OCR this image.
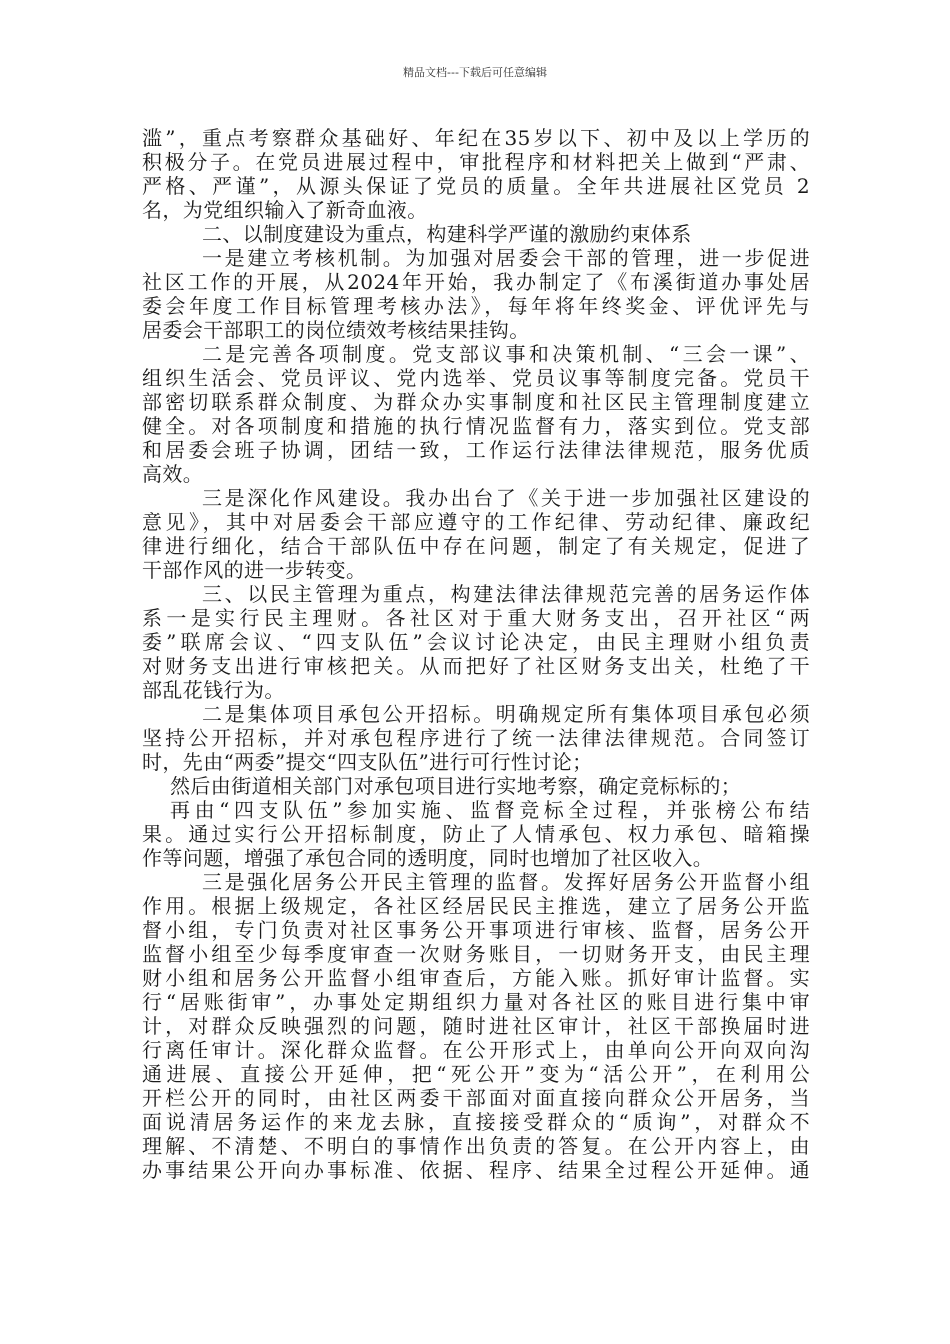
精品文档---下载后可任意编辑
滥”，重点考察群众基础好、年纪在35岁以下、初中及以上学历的
积极分子。在党员进展过程中，审批程序和材料把关上做到“严肃、
严格、严谨”，从源头保证了党员的质量。全年共进展社区党员 2
名，为党组织输入了新奇血液。
二、以制度建设为重点，构建科学严谨的激励约束体系
一是建立考核机制。为加强对居委会干部的管理，进一步促进
社区工作的开展，从2024年开始，我办制定了《布溪街道办事处居
委会年度工作目标管理考核办法》，每年将年终奖金、评优评先与
居委会干部职工的岗位绩效考核结果挂钩。
二是完善各项制度。党支部议事和决策机制、“三会一课”、
组织生活会、党员评议、党内选举、党员议事等制度完备。党员干
部密切联系群众制度、为群众办实事制度和社区民主管理制度建立
健全。对各项制度和措施的执行情况监督有力，落实到位。党支部
和居委会班子协调，团结一致，工作运行法律法律规范，服务优质
高效。
三是深化作风建设。我办出台了《关于进一步加强社区建设的
意见》，其中对居委会干部应遵守的工作纪律、劳动纪律、廉政纪
律进行细化，结合干部队伍中存在问题，制定了有关规定，促进了
干部作风的进一步转变。
三、以民主管理为重点，构建法律法律规范完善的居务运作体
系一是实行民主理财。各社区对于重大财务支出，召开社区“两
委”联席会议、“四支队伍”会议讨论决定，由民主理财小组负责
对财务支出进行审核把关。从而把好了社区财务支出关，杜绝了干
部乱花钱行为。
二是集体项目承包公开招标。明确规定所有集体项目承包必须
坚持公开招标，并对承包程序进行了统一法律法律规范。合同签订
时，先由“两委”提交“四支队伍”进行可行性讨论；
然后由街道相关部门对承包项目进行实地考察，确定竞标标的；
再由“四支队伍”参加实施、监督竞标全过程，并张榜公布结
果。通过实行公开招标制度，防止了人情承包、权力承包、暗箱操
作等问题，增强了承包合同的透明度，同时也增加了社区收入。
三是强化居务公开民主管理的监督。发挥好居务公开监督小组
作用。根据上级规定，各社区经居民民主推选，建立了居务公开监
督小组，专门负责对社区事务公开事项进行审核、监督，居务公开
监督小组至少每季度审查一次财务账目，一切财务开支，由民主理
财小组和居务公开监督小组审查后，方能入账。抓好审计监督。实
行“居账街审”，办事处定期组织力量对各社区的账目进行集中审
计，对群众反映强烈的问题，随时进社区审计，社区干部换届时进
行离任审计。深化群众监督。在公开形式上，由单向公开向双向沟
通进展、直接公开延伸，把“死公开”变为“活公开”，在利用公
开栏公开的同时，由社区两委干部面对面直接向群众公开居务，当
面说清居务运作的来龙去脉，直接接受群众的“质询”，对群众不
理解、不清楚、不明白的事情作出负责的答复。在公开内容上，由
办事结果公开向办事标准、依据、程序、结果全过程公开延伸。通
